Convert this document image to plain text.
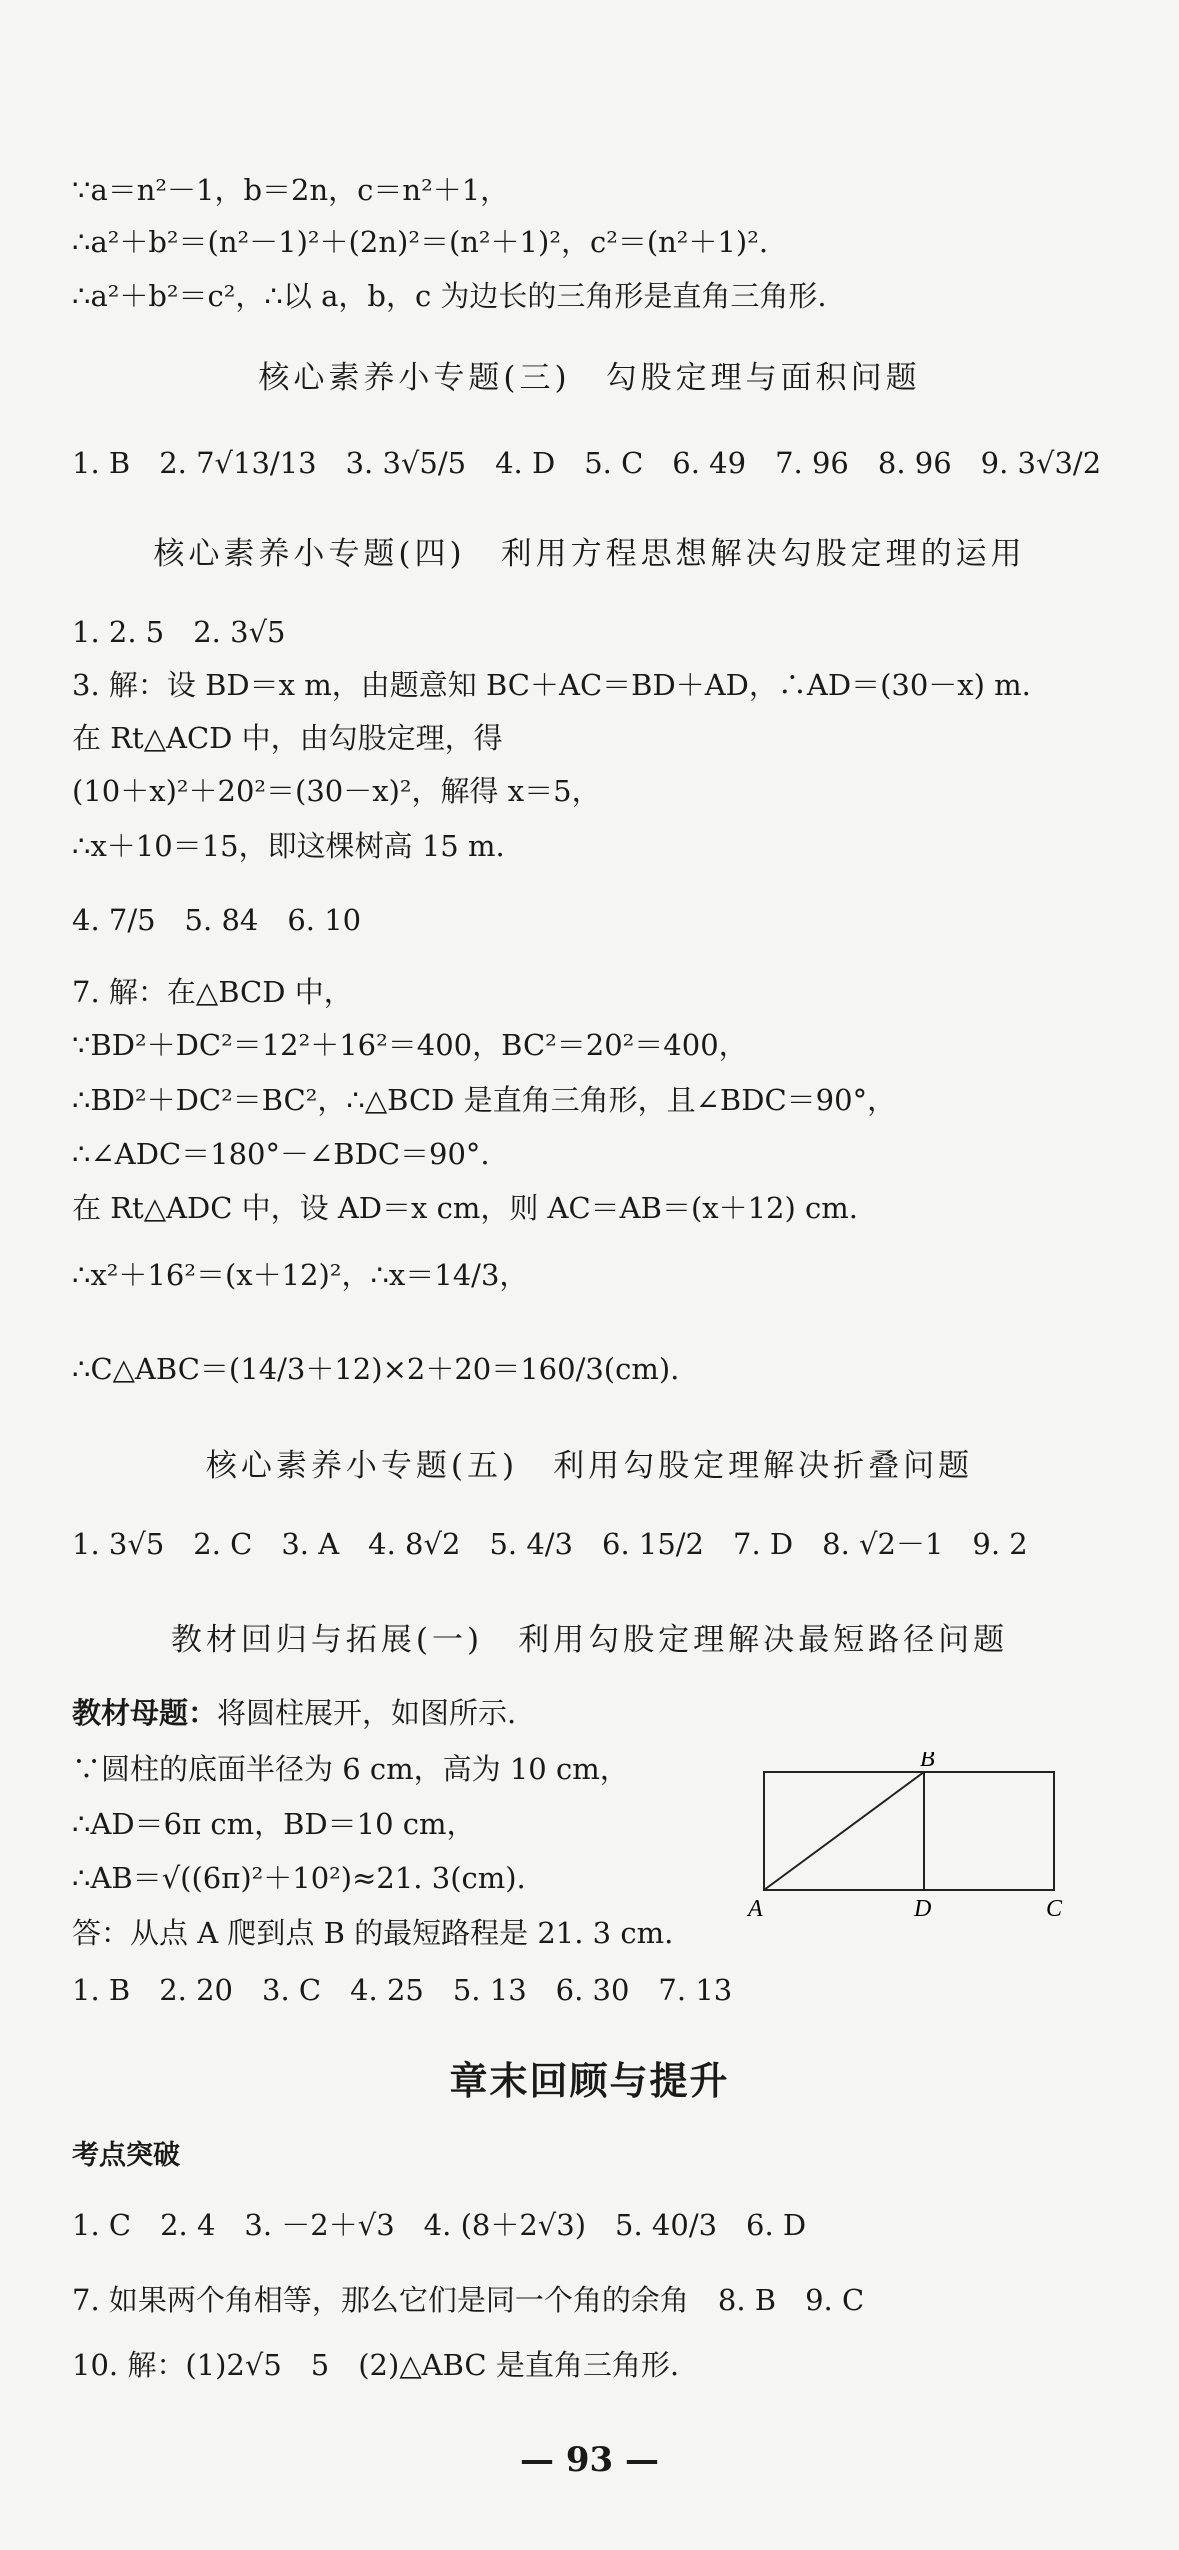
∵a＝n²－1，b＝2n，c＝n²＋1，
∴a²＋b²＝(n²－1)²＋(2n)²＝(n²＋1)²，c²＝(n²＋1)².
∴a²＋b²＝c²，∴以 a，b，c 为边长的三角形是直角三角形.
核心素养小专题(三)　勾股定理与面积问题
1. B　2. 7√13/13　3. 3√5/5　4. D　5. C　6. 49　7. 96　8. 96　9. 3√3/2
核心素养小专题(四)　利用方程思想解决勾股定理的运用
1. 2. 5　2. 3√5
3. 解：设 BD＝x m，由题意知 BC＋AC＝BD＋AD，∴AD＝(30－x) m.
在 Rt△ACD 中，由勾股定理，得
(10＋x)²＋20²＝(30－x)²，解得 x＝5，
∴x＋10＝15，即这棵树高 15 m.
4. 7/5　5. 84　6. 10
7. 解：在△BCD 中，
∵BD²＋DC²＝12²＋16²＝400，BC²＝20²＝400，
∴BD²＋DC²＝BC²，∴△BCD 是直角三角形，且∠BDC＝90°，
∴∠ADC＝180°－∠BDC＝90°.
在 Rt△ADC 中，设 AD＝x cm，则 AC＝AB＝(x＋12) cm.
∴x²＋16²＝(x＋12)²，∴x＝14/3，
∴C△ABC＝(14/3＋12)×2＋20＝160/3(cm).
核心素养小专题(五)　利用勾股定理解决折叠问题
1. 3√5　2. C　3. A　4. 8√2　5. 4/3　6. 15/2　7. D　8. √2－1　9. 2
教材回归与拓展(一)　利用勾股定理解决最短路径问题
教材母题：将圆柱展开，如图所示.
∵圆柱的底面半径为 6 cm，高为 10 cm，
∴AD＝6π cm，BD＝10 cm，
∴AB＝√((6π)²＋10²)≈21. 3(cm).
答：从点 A 爬到点 B 的最短路程是 21. 3 cm.
1. B　2. 20　3. C　4. 25　5. 13　6. 30　7. 13
B
A	D	C
章末回顾与提升
考点突破
1. C　2. 4　3. －2＋√3　4. (8＋2√3)　5. 40/3　6. D
7. 如果两个角相等，那么它们是同一个角的余角　8. B　9. C
10. 解：(1)2√5　5　(2)△ABC 是直角三角形.
— 93 —
